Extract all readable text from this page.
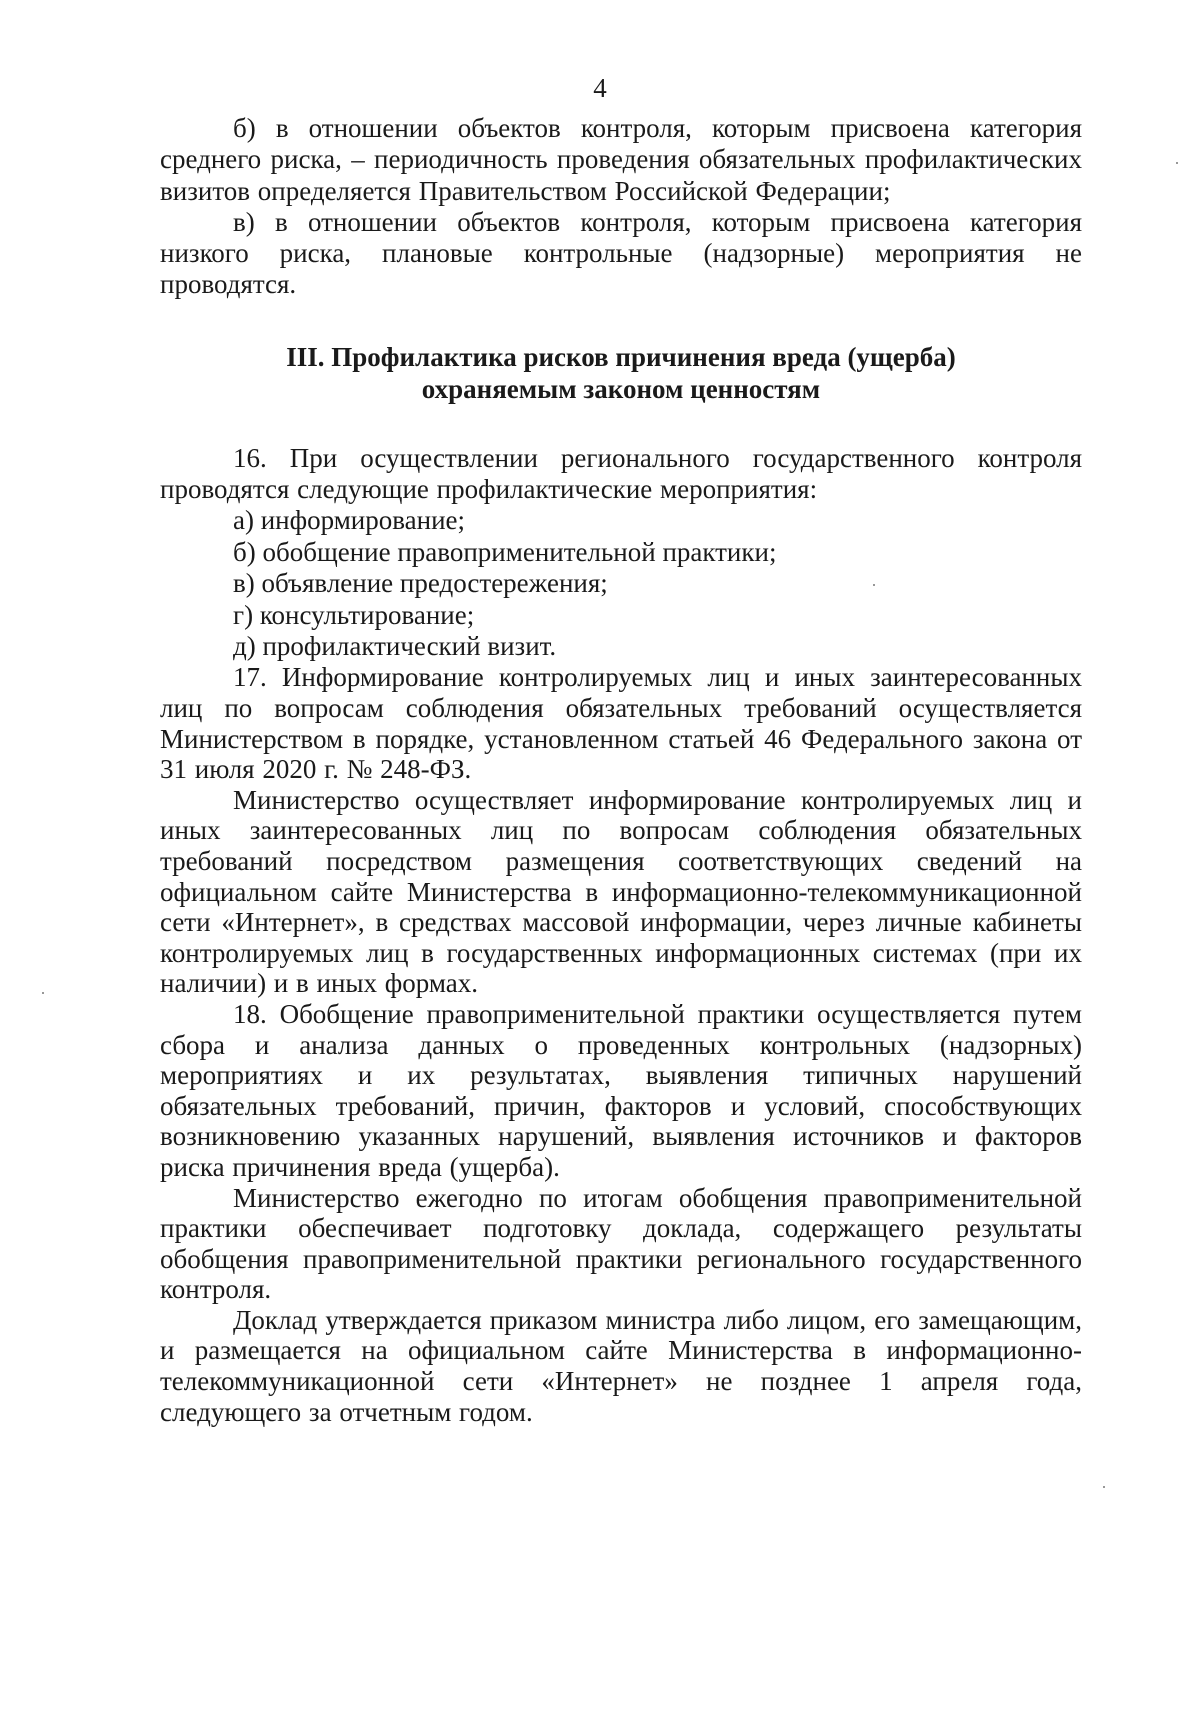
4

б) в отношении объектов контроля, которым присвоена категория среднего риска, – периодичность проведения обязательных профилактических визитов определяется Правительством Российской Федерации;

в) в отношении объектов контроля, которым присвоена категория низкого риска, плановые контрольные (надзорные) мероприятия не проводятся.

III. Профилактика рисков причинения вреда (ущерба)
охраняемым законом ценностям

16. При осуществлении регионального государственного контроля проводятся следующие профилактические мероприятия:

а) информирование;

б) обобщение правоприменительной практики;

в) объявление предостережения;

г) консультирование;

д) профилактический визит.

17. Информирование контролируемых лиц и иных заинтересованных лиц по вопросам соблюдения обязательных требований осуществляется Министерством в порядке, установленном статьей 46 Федерального закона от 31 июля 2020 г. № 248-ФЗ.

Министерство осуществляет информирование контролируемых лиц и иных заинтересованных лиц по вопросам соблюдения обязательных требований посредством размещения соответствующих сведений на официальном сайте Министерства в информационно-телекоммуникационной сети «Интернет», в средствах массовой информации, через личные кабинеты контролируемых лиц в государственных информационных системах (при их наличии) и в иных формах.

18. Обобщение правоприменительной практики осуществляется путем сбора и анализа данных о проведенных контрольных (надзорных) мероприятиях и их результатах, выявления типичных нарушений обязательных требований, причин, факторов и условий, способствующих возникновению указанных нарушений, выявления источников и факторов риска причинения вреда (ущерба).

Министерство ежегодно по итогам обобщения правоприменительной практики обеспечивает подготовку доклада, содержащего результаты обобщения правоприменительной практики регионального государственного контроля.

Доклад утверждается приказом министра либо лицом, его замещающим, и размещается на официальном сайте Министерства в информационно-телекоммуникационной сети «Интернет» не позднее 1 апреля года, следующего за отчетным годом.
